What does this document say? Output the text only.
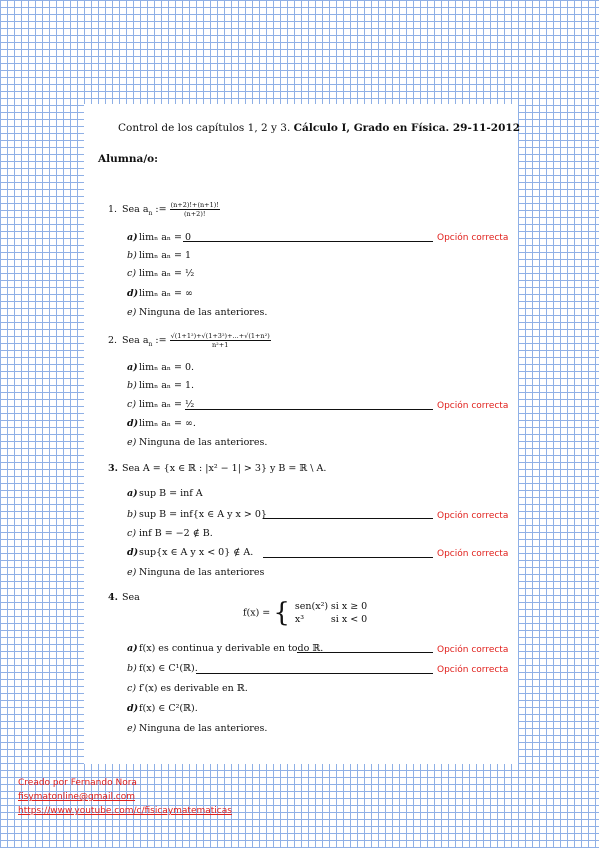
Control de los capítulos 1, 2 y 3. Cálculo I, Grado en Física. 29-11-2012
Alumna/o:
1. Sea $a_n$ := $\frac{(n+2)!+(n+1)!}{(n+2)!}$
a)limₙ aₙ = 0	Opción correcta
b) limₙ aₙ = 1
c) limₙ aₙ = ½
d)limₙ aₙ = ∞
e) Ninguna de las anteriores.
2. Sea $a_n$ := $\frac{\text{√(1+1²)+√(1+3²)+...+√(1+n²)}}{\text{n²+1}}$
a)limₙ aₙ = 0.
b) limₙ aₙ = 1.
c) limₙ aₙ = ½	Opción correcta
d)limₙ aₙ = ∞.
e) Ninguna de las anteriores.
3. Sea A = {x ∈ ℝ : |x² − 1| > 3} y B = ℝ \ A.
a)sup B = inf A
b) sup B = inf{x ∈ A y x > 0}	Opción correcta
c) inf B = −2 ∉ B.
d)sup{x ∈ A y x < 0} ∉ A.	Opción correcta
e) Ninguna de las anteriores
4. Sea
f(x) = { sen(x²) si x ≥ 0
x³	si x < 0
a)f(x) es continua y derivable en todo ℝ.	Opción correcta
b) f(x) ∈ C¹(ℝ).	Opción correcta
c) f′(x) es derivable en ℝ.
d)f(x) ∈ C²(ℝ).
e) Ninguna de las anteriores.
Creado por Fernando Nora
fisymatonline@gmail.com
https://www.youtube.com/c/fisicaymatematicas
